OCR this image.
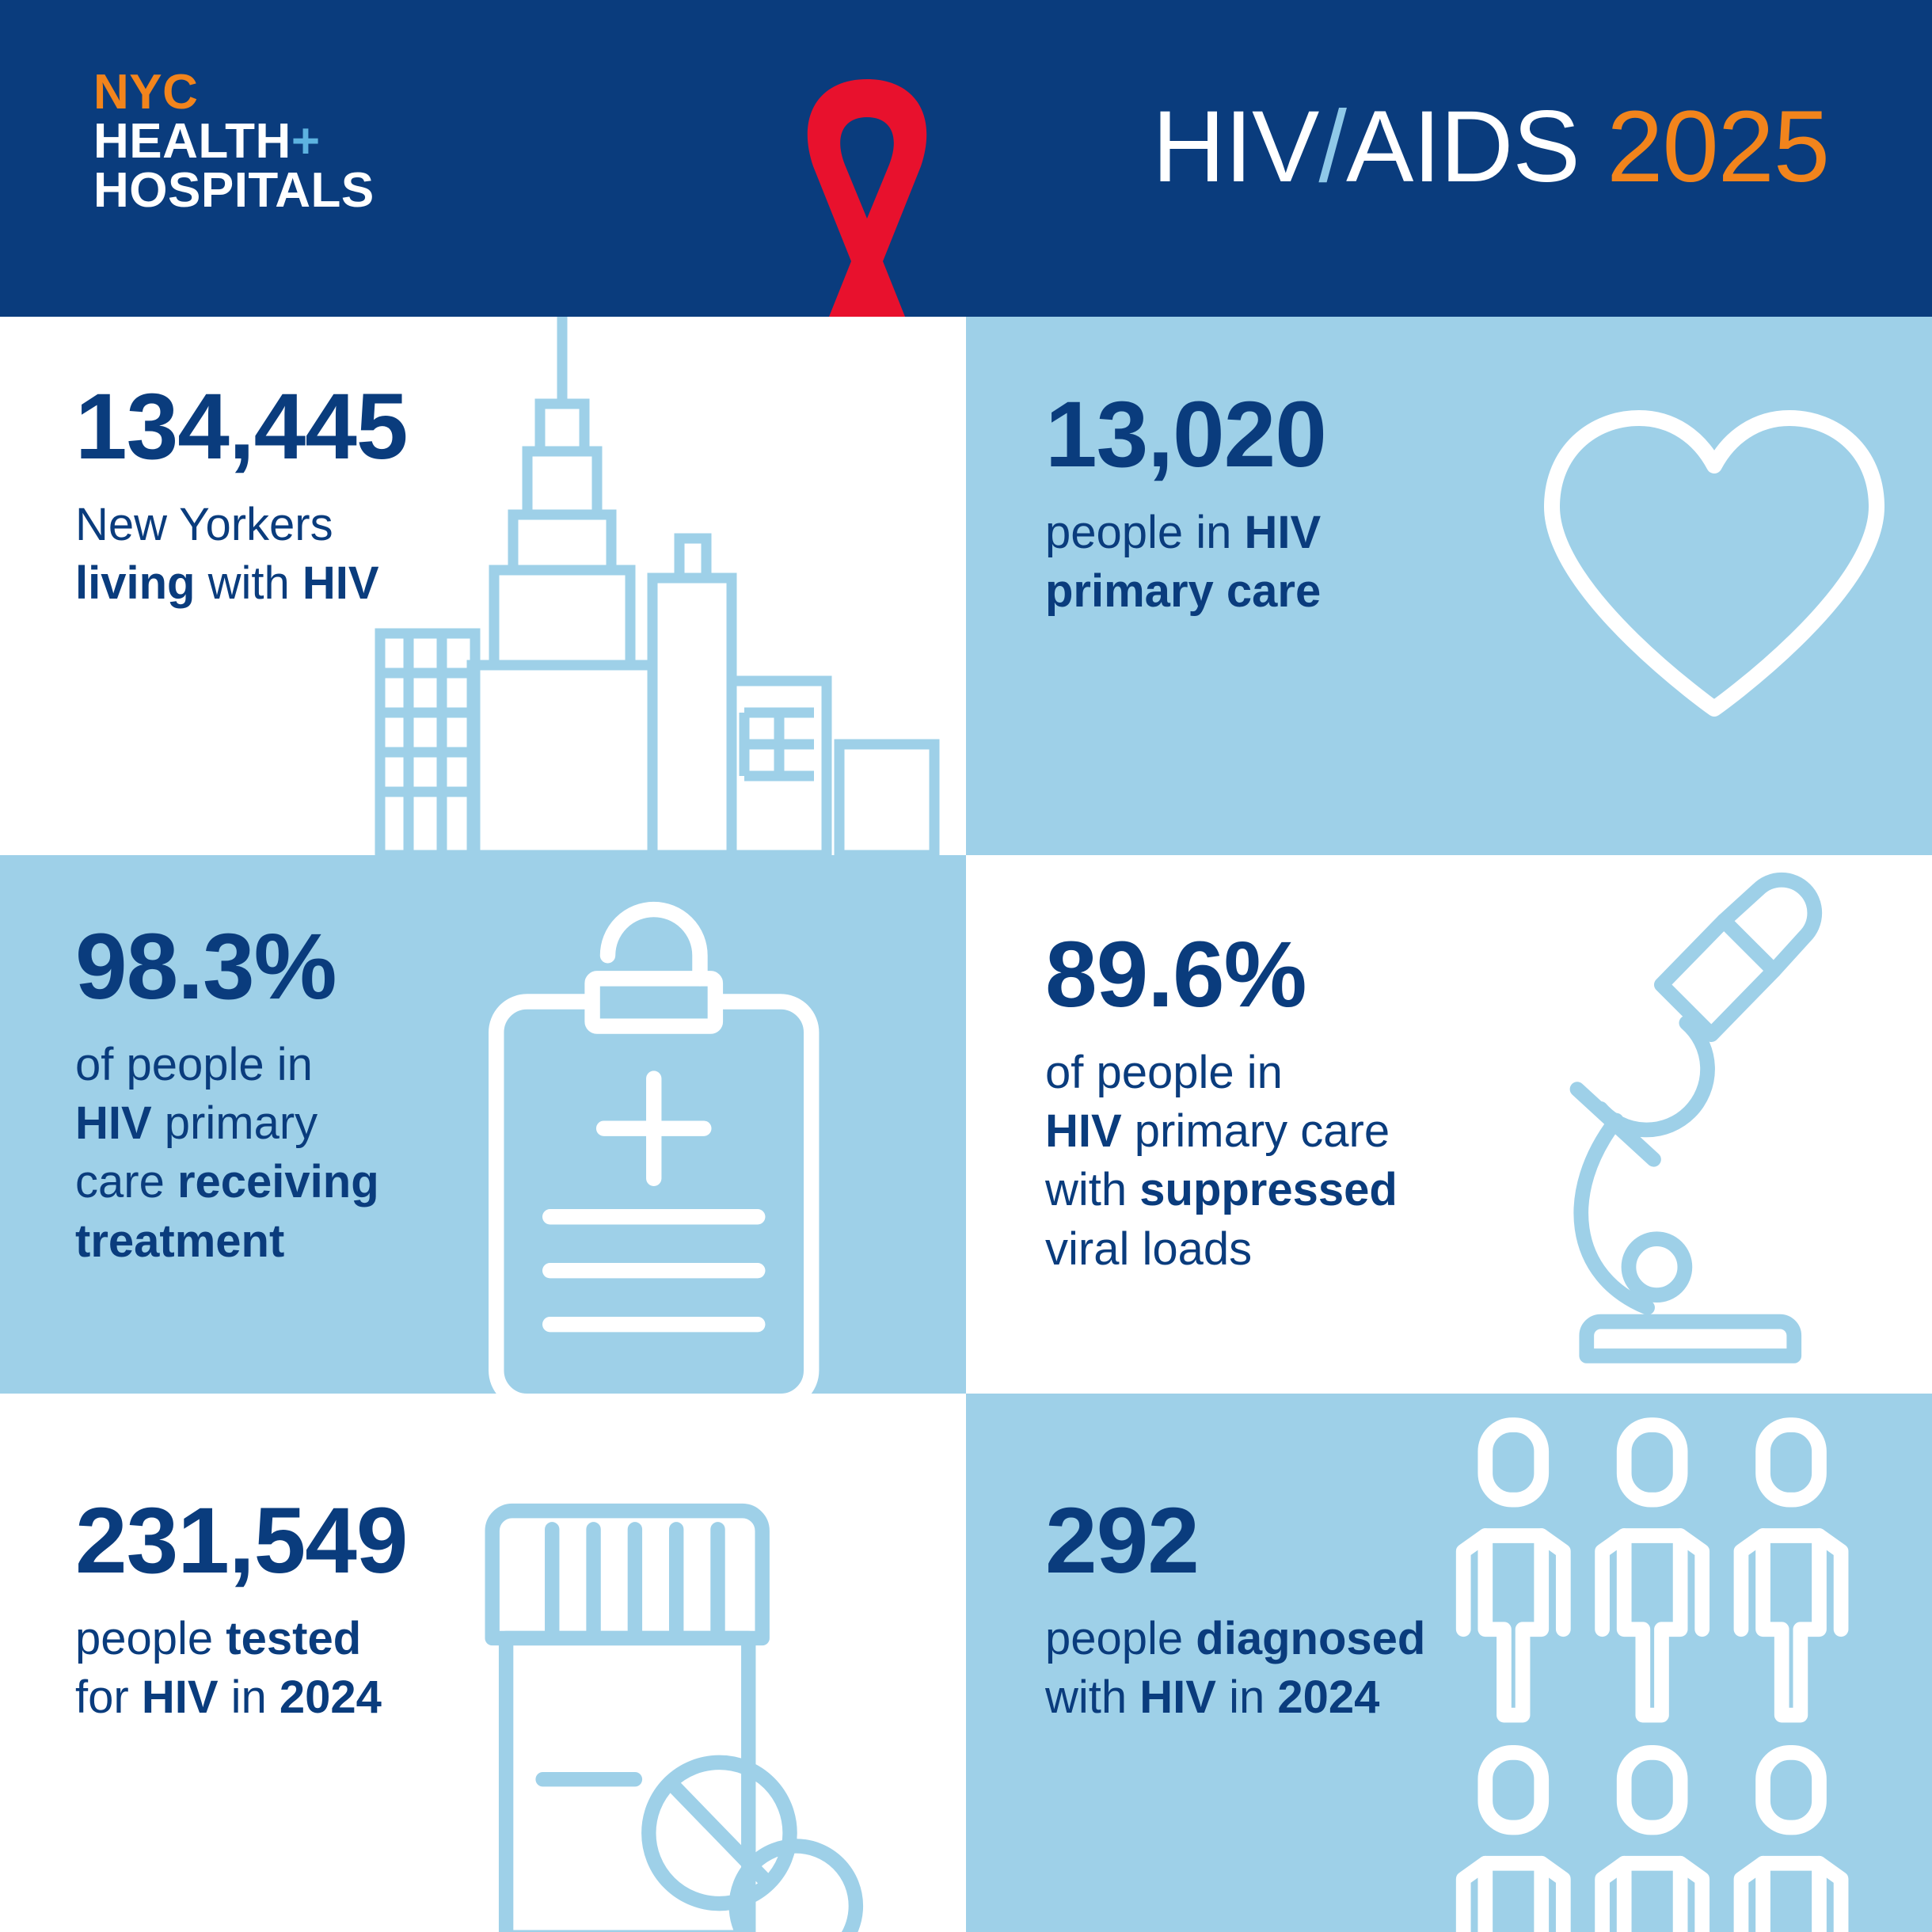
NYC
HEALTH+
HOSPITALS	HIV/AIDS 2025
134,445
New Yorkers
living with HIV
13,020
people in HIV
primary care
98.3%
of people in
HIV primary
care receiving
treatment
89.6%
of people in
HIV primary care
with suppressed
viral loads
231,549
people tested
for HIV in 2024
292
people diagnosed
with HIV in 2024
